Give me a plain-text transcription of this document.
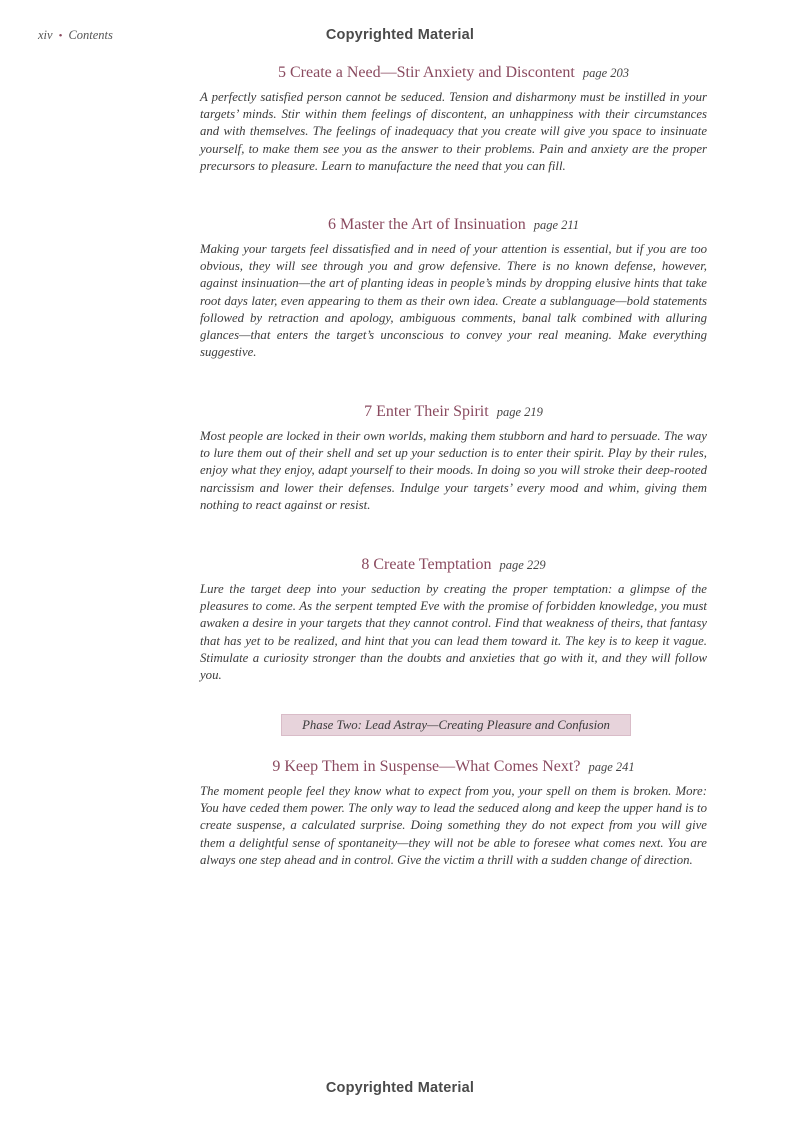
xiv • Contents	Copyrighted Material

5 Create a Need—Stir Anxiety and Discontent page 203

A perfectly satisfied person cannot be seduced. Tension and disharmony must be instilled in your targets’ minds. Stir within them feelings of discontent, an unhappiness with their circumstances and with themselves. The feelings of inadequacy that you create will give you space to insinuate yourself, to make them see you as the answer to their problems. Pain and anxiety are the proper precursors to pleasure. Learn to manufacture the need that you can fill.

6 Master the Art of Insinuation page 211

Making your targets feel dissatisfied and in need of your attention is essential, but if you are too obvious, they will see through you and grow defensive. There is no known defense, however, against insinuation—the art of planting ideas in people’s minds by dropping elusive hints that take root days later, even appearing to them as their own idea. Create a sublanguage—bold statements followed by retraction and apology, ambiguous comments, banal talk combined with alluring glances—that enters the target’s unconscious to convey your real meaning. Make everything suggestive.

7 Enter Their Spirit page 219

Most people are locked in their own worlds, making them stubborn and hard to persuade. The way to lure them out of their shell and set up your seduction is to enter their spirit. Play by their rules, enjoy what they enjoy, adapt yourself to their moods. In doing so you will stroke their deep-rooted narcissism and lower their defenses. Indulge your targets’ every mood and whim, giving them nothing to react against or resist.

8 Create Temptation page 229

Lure the target deep into your seduction by creating the proper temptation: a glimpse of the pleasures to come. As the serpent tempted Eve with the promise of forbidden knowledge, you must awaken a desire in your targets that they cannot control. Find that weakness of theirs, that fantasy that has yet to be realized, and hint that you can lead them toward it. The key is to keep it vague. Stimulate a curiosity stronger than the doubts and anxieties that go with it, and they will follow you.

Phase Two: Lead Astray—Creating Pleasure and Confusion

9 Keep Them in Suspense—What Comes Next? page 241

The moment people feel they know what to expect from you, your spell on them is broken. More: You have ceded them power. The only way to lead the seduced along and keep the upper hand is to create suspense, a calculated surprise. Doing something they do not expect from you will give them a delightful sense of spontaneity—they will not be able to foresee what comes next. You are always one step ahead and in control. Give the victim a thrill with a sudden change of direction.

Copyrighted Material
